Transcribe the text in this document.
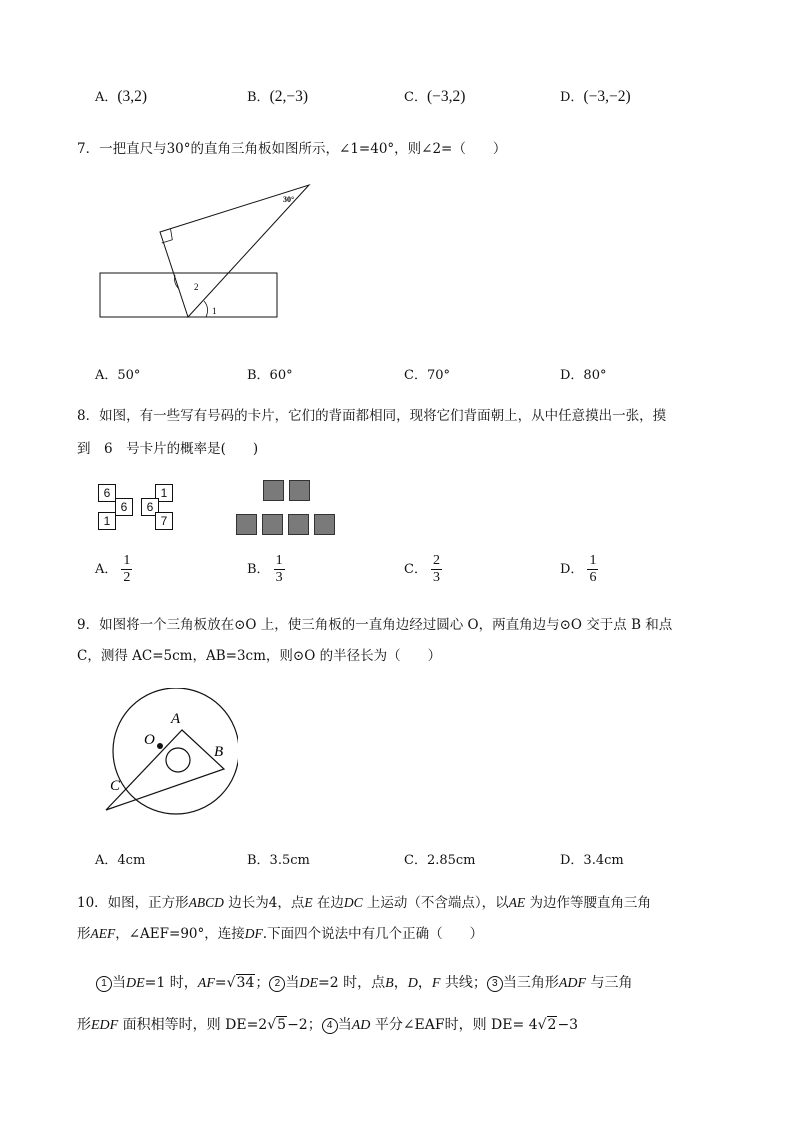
A．(3,2)	B．(2,−3)	C．(−3,2)	D．(−3,−2)
7．一把直尺与30°的直角三角板如图所示，∠1=40°，则∠2=（　　）
30°
2
1
A．50°	B．60°	C．70°	D．80°
8．如图，有一些写有号码的卡片，它们的背面都相同，现将它们背面朝上，从中任意摸出一张，摸
到　6　号卡片的概率是(　　)
6
6
1
6
1	7
A． $\frac{1}{2}$	B． $\frac{1}{3}$	C． $\frac{2}{3}$	D． $\frac{1}{6}$
9．如图将一个三角板放在⊙O 上，使三角板的一直角边经过圆心 O，两直角边与⊙O 交于点 B 和点
C，测得 AC=5cm，AB=3cm，则⊙O 的半径长为（　　）
O
A
B
C
A．4cm	B．3.5cm	C．2.85cm	D．3.4cm
10．如图，正方形ABCD 边长为4，点E 在边DC 上运动（不含端点），以AE 为边作等腰直角三角
形AEF，∠AEF=90°，连接DF.下面四个说法中有几个正确（　　）
1 当DE=1 时，AF=√34； 2 当DE=2 时，点B，D，F 共线； 3 当三角形ADF 与三角
形EDF 面积相等时，则 DE=2√5−2； 4 当AD 平分∠EAF时，则 DE= 4√2−3
